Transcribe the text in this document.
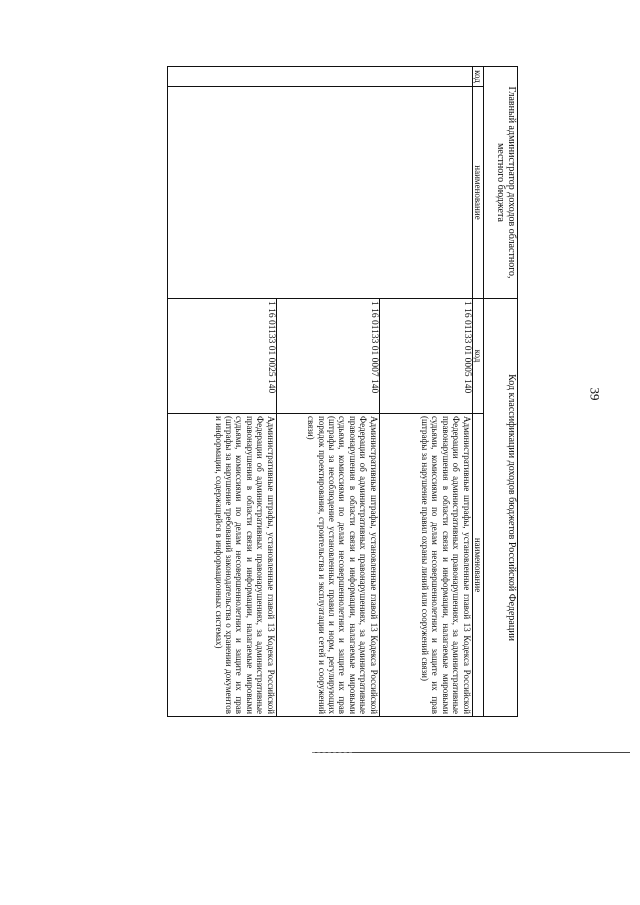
39
Главный администратор доходов областного, местного бюджета		Код классификации доходов бюджетов Российской Федерации	
код	наименование	код	наименование
		1 16 01133 01 0005 140	Административные штрафы, установленные главой 13 Кодекса Российской Федерации об административных правонарушениях, за административные правонарушения в области связи и информации, налагаемые мировыми судьями, комиссиями по делам несовершеннолетних и защите их прав (штрафы за нарушение правил охраны линий или сооружений связи)
		1 16 01133 01 0007 140	Административные штрафы, установленные главой 13 Кодекса Российской Федерации об административных правонарушениях, за административные правонарушения в области связи и информации, налагаемые мировыми судьями, комиссиями по делам несовершеннолетних и защите их прав (штрафы за несоблюдение установленных правил и норм, регулирующих порядок проектирования, строительства и эксплуатации сетей и сооружений связи)
		1 16 01133 01 0025 140	Административные штрафы, установленные главой 13 Кодекса Российской Федерации об административных правонарушениях, за административные правонарушения в области связи и информации, налагаемые мировыми судьями, комиссиями по делам несовершеннолетних и защите их прав (штрафы за нарушение требований законодательства о хранении документов и информации, содержащейся в информационных системах)
